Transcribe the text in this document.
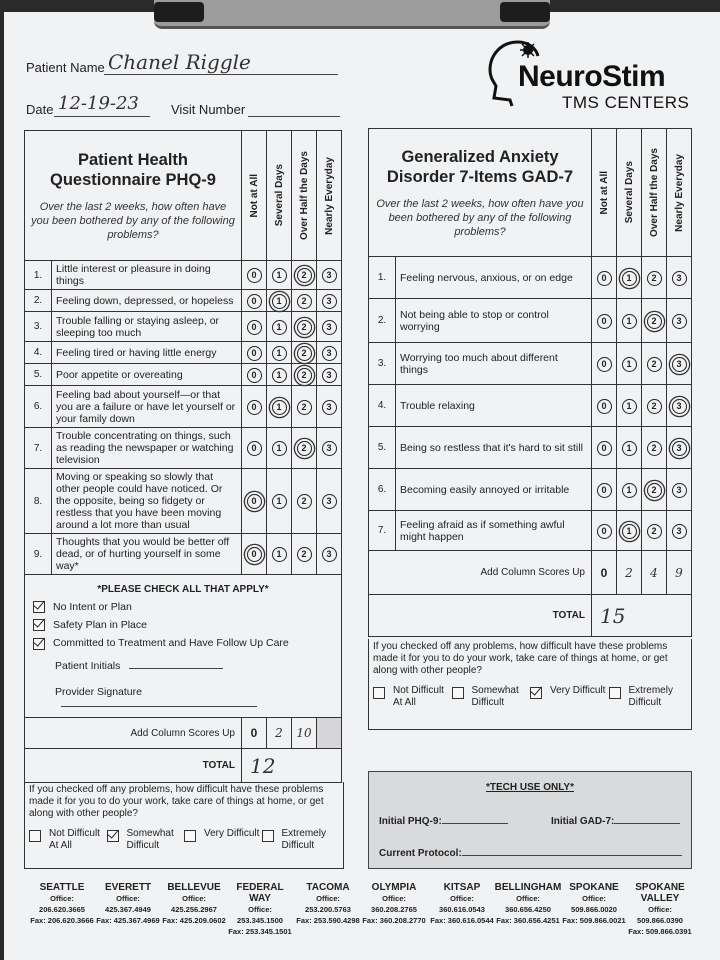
Patient Name Chanel Riggle
Date 12-19-23 Visit Number
NeuroStim
TMS CENTERS
Patient Health Questionnaire PHQ-9
Over the last 2 weeks, how often have you been bothered by any of the following problems?		Not at All	Several Days	Over Half the Days	Nearly Everyday

1.	Little interest or pleasure in doing things	0	1	2	3
2.	Feeling down, depressed, or hopeless	0	1	2	3
3.	Trouble falling or staying asleep, or sleeping too much	0	1	2	3
4.	Feeling tired or having little energy	0	1	2	3
5.	Poor appetite or overeating	0	1	2	3
6.	Feeling bad about yourself—or that you are a failure or have let yourself or your family down	0	1	2	3
7.	Trouble concentrating on things, such as reading the newspaper or watching television	0	1	2	3
8.	Moving or speaking so slowly that other people could have noticed. Or the opposite, being so fidgety or restless that you have been moving around a lot more than usual	0	1	2	3
9.	Thoughts that you would be better off dead, or of hurting yourself in some way*	0	1	2	3
*PLEASE CHECK ALL THAT APPLY*
No Intent or Plan
Safety Plan in Place
Committed to Treatment and Have Follow Up Care
Patient Initials
Provider Signature
Add Column Scores Up	0	2	10	
TOTAL	12			
If you checked off any problems, how difficult have these problems made it for you to do your work, take care of things at home, or get along with other people?
Not Difficult At All
Somewhat Difficult
Very Difficult Extremely Difficult
Generalized Anxiety Disorder 7-Items GAD-7
Over the last 2 weeks, how often have you been bothered by any of the following problems?		Not at All	Several Days	Over Half the Days	Nearly Everyday

1.	Feeling nervous, anxious, or on edge	0	1	2	3
2.	Not being able to stop or control worrying	0	1	2	3
3.	Worrying too much about different things	0	1	2	3
4.	Trouble relaxing	0	1	2	3
5.	Being so restless that it's hard to sit still	0	1	2	3
6.	Becoming easily annoyed or irritable	0	1	2	3
7.	Feeling afraid as if something awful might happen	0	1	2	3
Add Column Scores Up		0	2	4	9
TOTAL		15			
If you checked off any problems, how difficult have these problems made it for you to do your work, take care of things at home, or get along with other people?
Not Difficult At All
Somewhat Difficult
Very Difficult Extremely Difficult
*TECH USE ONLY*
Initial PHQ-9:	Initial GAD-7:
Current Protocol:
SEATTLE
Office: 206.620.3665
Fax: 206.620.3666
EVERETT
Office: 425.367.4949
Fax: 425.367.4969
BELLEVUE
Office: 425.256.2967
Fax: 425.209.0602
FEDERAL WAY
Office: 253.345.1500
Fax: 253.345.1501
TACOMA
Office: 253.200.5763
Fax: 253.590.4298
OLYMPIA
Office: 360.208.2765
Fax: 360.208.2770
KITSAP
Office: 360.616.0543
Fax: 360.616.0544
BELLINGHAM
Office: 360.656.4250
Fax: 360.656.4251
SPOKANE
Office: 509.866.0020
Fax: 509.866.0021
SPOKANE VALLEY
Office: 509.866.0390
Fax: 509.866.0391
